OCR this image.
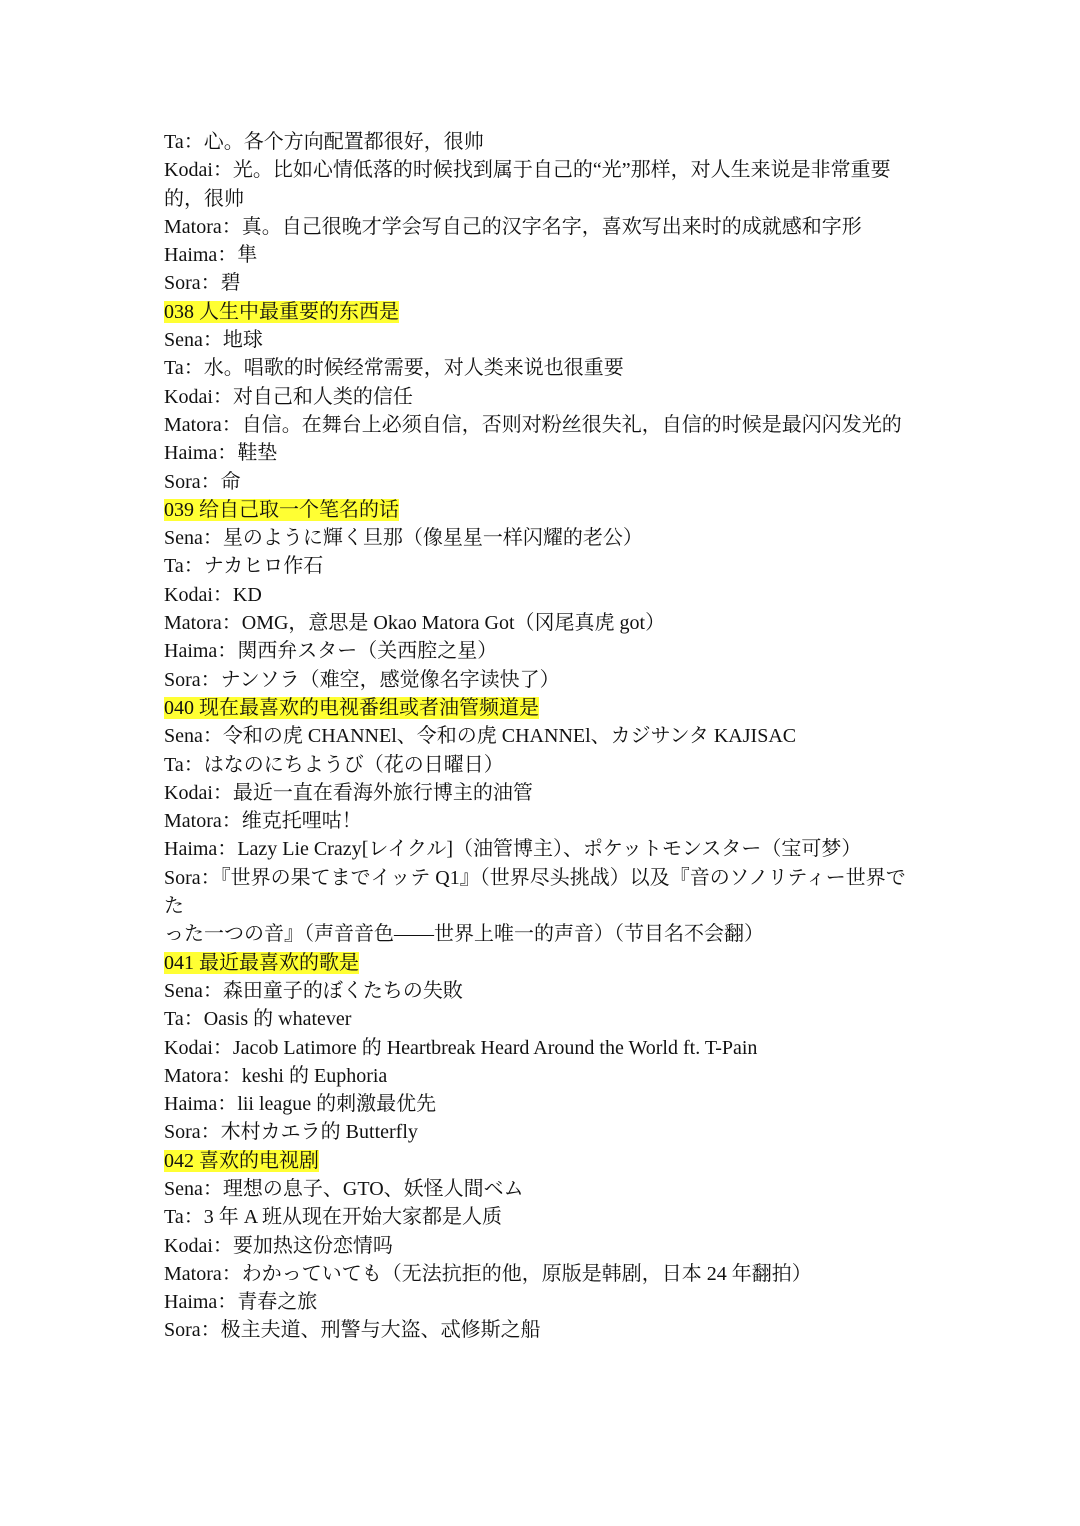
Ta：心。各个方向配置都很好，很帅
Kodai：光。比如心情低落的时候找到属于自己的“光”那样，对人生来说是非常重要的，很帅
Matora：真。自己很晚才学会写自己的汉字名字，喜欢写出来时的成就感和字形
Haima：隼
Sora：碧
038 人生中最重要的东西是
Sena：地球
Ta：水。唱歌的时候经常需要，对人类来说也很重要
Kodai：对自己和人类的信任
Matora：自信。在舞台上必须自信，否则对粉丝很失礼，自信的时候是最闪闪发光的
Haima：鞋垫
Sora：命
039 给自己取一个笔名的话
Sena：星のように輝く旦那（像星星一样闪耀的老公）
Ta：ナカヒロ作石
Kodai：KD
Matora：OMG，意思是 Okao Matora Got（冈尾真虎 got）
Haima：関西弁スター（关西腔之星）
Sora：ナンソラ（难空，感觉像名字读快了）
040 现在最喜欢的电视番组或者油管频道是
Sena：令和の虎 CHANNEl、令和の虎 CHANNEl、カジサンタ KAJISAC
Ta：はなのにちようび（花の日曜日）
Kodai：最近一直在看海外旅行博主的油管
Matora：维克托哩咕！
Haima：Lazy Lie Crazy[レイクル]（油管博主）、ポケットモンスター（宝可梦）
Sora：『世界の果てまでイッテ Q1』（世界尽头挑战）以及『音のソノリティー世界でた
った一つの音』（声音音色——世界上唯一的声音）（节目名不会翻）
041 最近最喜欢的歌是
Sena：森田童子的ぼくたちの失敗
Ta：Oasis 的 whatever
Kodai：Jacob Latimore 的 Heartbreak Heard Around the World ft. T-Pain
Matora：keshi 的 Euphoria
Haima：lii league 的刺激最优先
Sora：木村カエラ的 Butterfly
042 喜欢的电视剧
Sena：理想の息子、GTO、妖怪人間ベム
Ta：3 年 A 班从现在开始大家都是人质
Kodai：要加热这份恋情吗
Matora：わかっていても（无法抗拒的他，原版是韩剧，日本 24 年翻拍）
Haima：青春之旅
Sora：极主夫道、刑警与大盗、忒修斯之船
